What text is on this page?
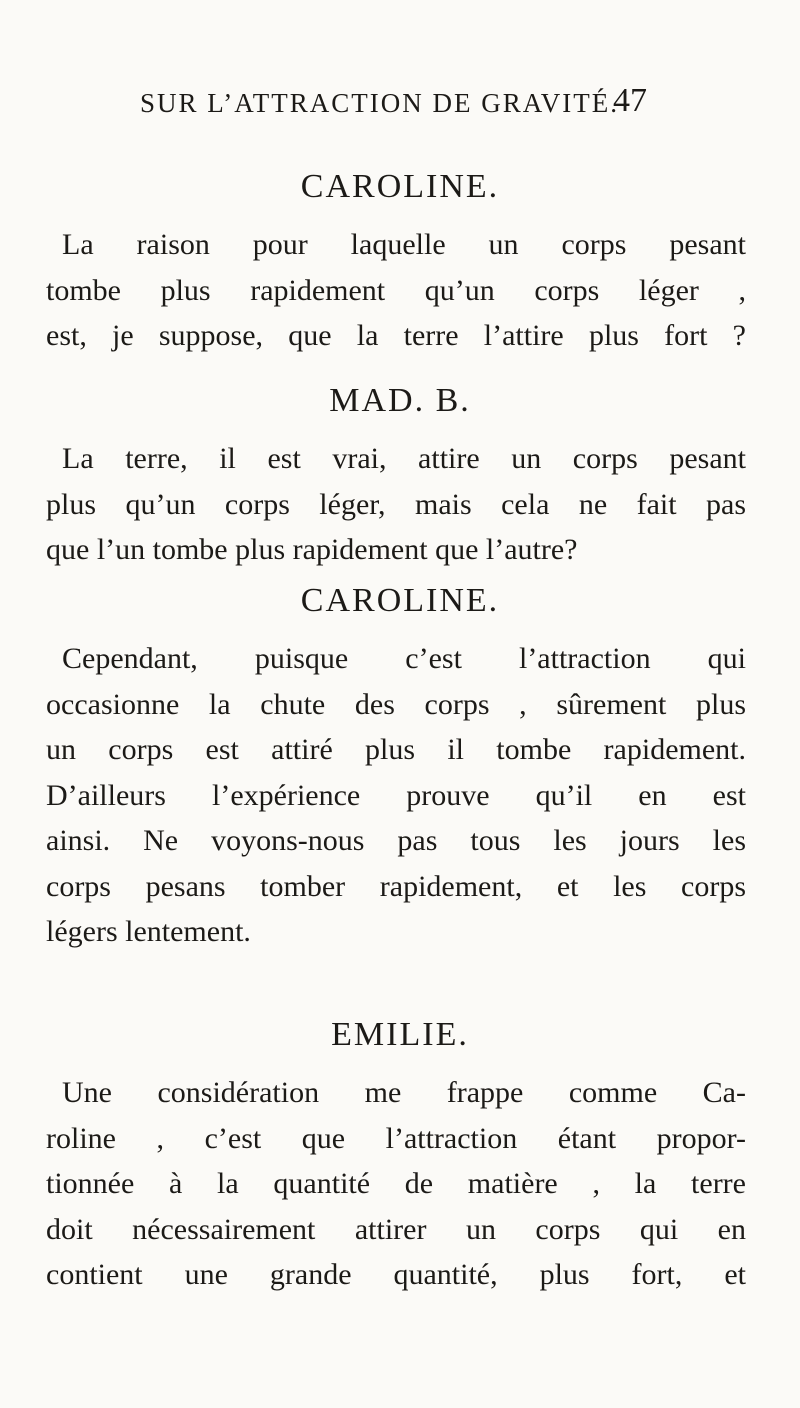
SUR L’ATTRACTION DE GRAVITÉ.
47
CAROLINE.
La raison pour laquelle un corps pesant
tombe plus rapidement qu’un corps léger ,
est, je suppose, que la terre l’attire plus fort ?
MAD. B.
La terre, il est vrai, attire un corps pesant
plus qu’un corps léger, mais cela ne fait pas
que l’un tombe plus rapidement que l’autre?
CAROLINE.
Cependant, puisque c’est l’attraction qui
occasionne la chute des corps , sûrement plus
un corps est attiré plus il tombe rapidement.
D’ailleurs l’expérience prouve qu’il en est
ainsi. Ne voyons-nous pas tous les jours les
corps pesans tomber rapidement, et les corps
légers lentement.
EMILIE.
Une considération me frappe comme Ca-
roline , c’est que l’attraction étant propor-
tionnée à la quantité de matière , la terre
doit nécessairement attirer un corps qui en
contient une grande quantité, plus fort, et
